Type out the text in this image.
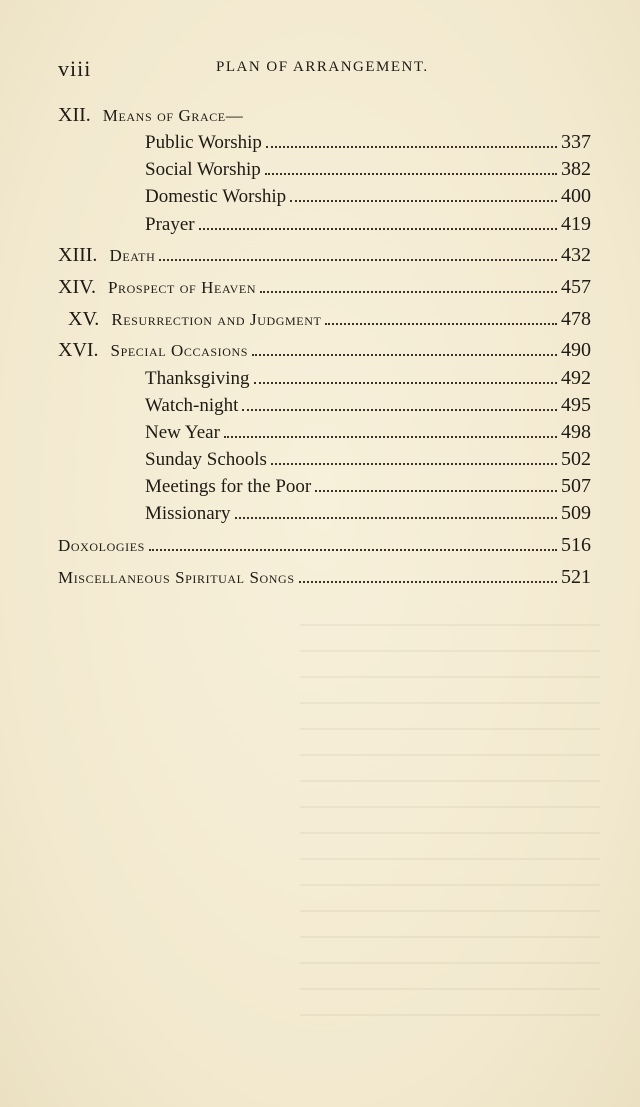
viii	PLAN OF ARRANGEMENT.
XII. Means of Grace—
Public Worship	337
Social Worship	382
Domestic Worship	400
Prayer	419
XIII. Death	432
XIV. Prospect of Heaven	457
XV. Resurrection and Judgment	478
XVI. Special Occasions	490
Thanksgiving	492
Watch-night	495
New Year	498
Sunday Schools	502
Meetings for the Poor	507
Missionary	509
Doxologies	516
Miscellaneous Spiritual Songs	521
